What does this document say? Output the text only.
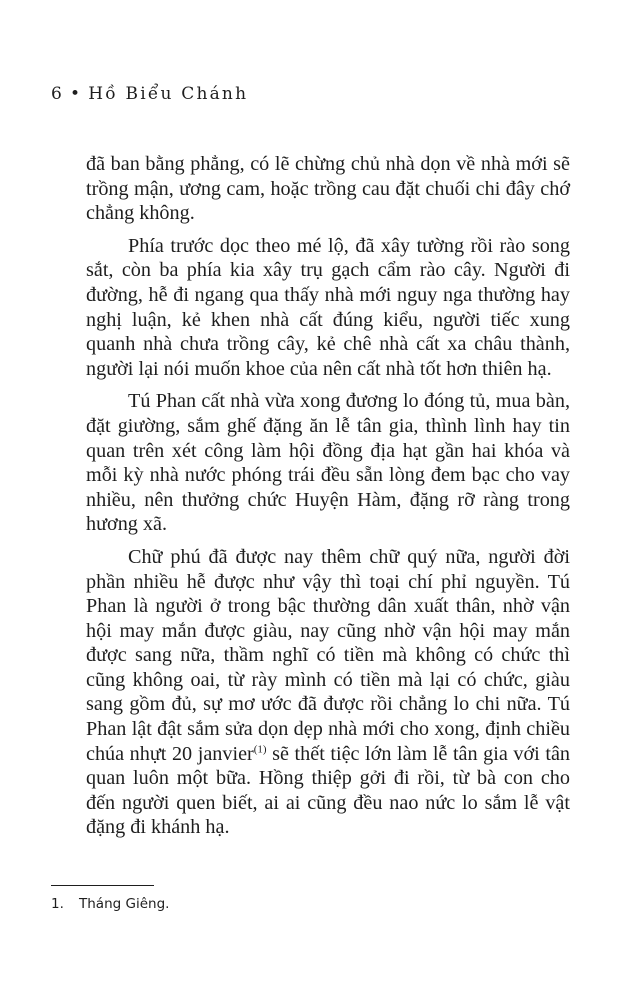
6 • Hồ Biểu Chánh

đã ban bằng phẳng, có lẽ chừng chủ nhà dọn về nhà mới sẽ trồng mận, ương cam, hoặc trồng cau đặt chuối chi đây chớ chẳng không.

Phía trước dọc theo mé lộ, đã xây tường rồi rào song sắt, còn ba phía kia xây trụ gạch cẩm rào cây. Người đi đường, hễ đi ngang qua thấy nhà mới nguy nga thường hay nghị luận, kẻ khen nhà cất đúng kiểu, người tiếc xung quanh nhà chưa trồng cây, kẻ chê nhà cất xa châu thành, người lại nói muốn khoe của nên cất nhà tốt hơn thiên hạ.

Tú Phan cất nhà vừa xong đương lo đóng tủ, mua bàn, đặt giường, sắm ghế đặng ăn lễ tân gia, thình lình hay tin quan trên xét công làm hội đồng địa hạt gần hai khóa và mỗi kỳ nhà nước phóng trái đều sẵn lòng đem bạc cho vay nhiều, nên thưởng chức Huyện Hàm, đặng rỡ ràng trong hương xã.

Chữ phú đã được nay thêm chữ quý nữa, người đời phần nhiều hễ được như vậy thì toại chí phỉ nguyền. Tú Phan là người ở trong bậc thường dân xuất thân, nhờ vận hội may mắn được giàu, nay cũng nhờ vận hội may mắn được sang nữa, thầm nghĩ có tiền mà không có chức thì cũng không oai, từ rày mình có tiền mà lại có chức, giàu sang gồm đủ, sự mơ ước đã được rồi chẳng lo chi nữa. Tú Phan lật đật sắm sửa dọn dẹp nhà mới cho xong, định chiều chúa nhựt 20 janvier$^{(1)}$ sẽ thết tiệc lớn làm lễ tân gia với tân quan luôn một bữa. Hồng thiệp gởi đi rồi, từ bà con cho đến người quen biết, ai ai cũng đều nao nức lo sắm lễ vật đặng đi khánh hạ.

1. Tháng Giêng.
